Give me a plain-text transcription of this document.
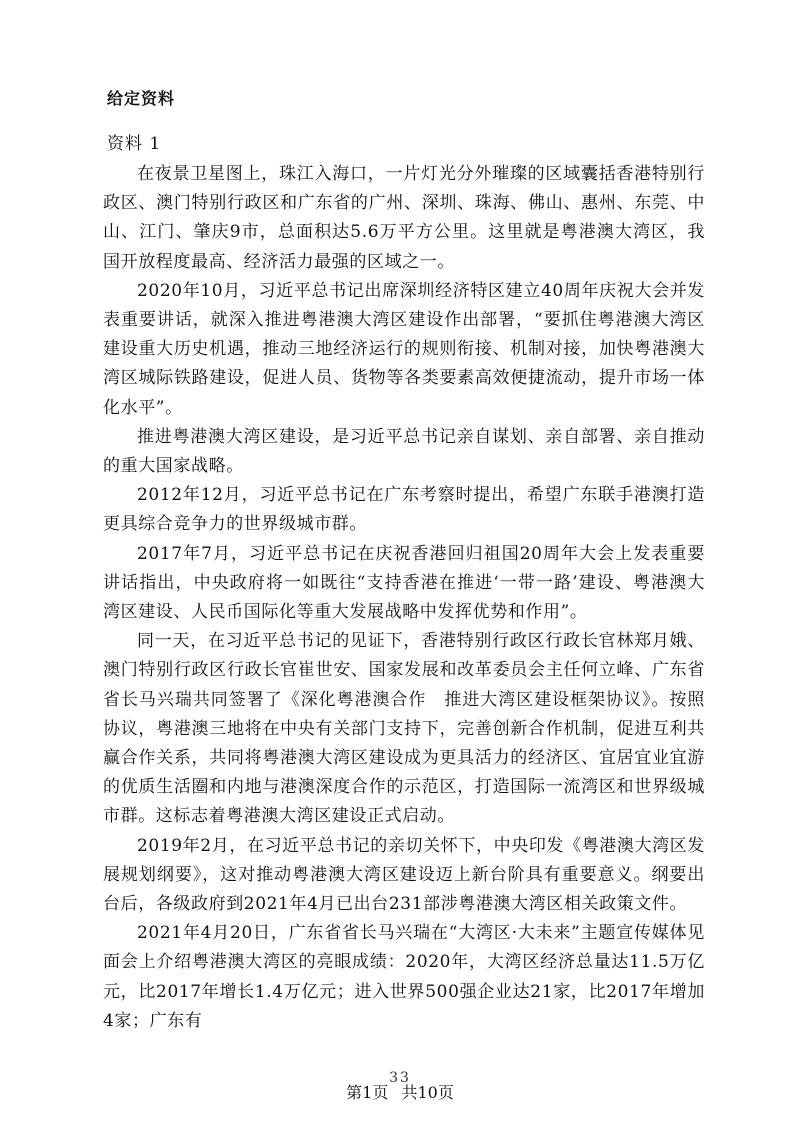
给定资料
资料 1

在夜景卫星图上，珠江入海口，一片灯光分外璀璨的区域囊括香港特别行政区、澳门特别行政区和广东省的广州、深圳、珠海、佛山、惠州、东莞、中山、江门、肇庆9市，总面积达5.6万平方公里。这里就是粤港澳大湾区，我国开放程度最高、经济活力最强的区域之一。

2020年10月，习近平总书记出席深圳经济特区建立40周年庆祝大会并发表重要讲话，就深入推进粤港澳大湾区建设作出部署，“要抓住粤港澳大湾区建设重大历史机遇，推动三地经济运行的规则衔接、机制对接，加快粤港澳大湾区城际铁路建设，促进人员、货物等各类要素高效便捷流动，提升市场一体化水平”。

推进粤港澳大湾区建设，是习近平总书记亲自谋划、亲自部署、亲自推动的重大国家战略。

2012年12月，习近平总书记在广东考察时提出，希望广东联手港澳打造更具综合竞争力的世界级城市群。

2017年7月，习近平总书记在庆祝香港回归祖国20周年大会上发表重要讲话指出，中央政府将一如既往“支持香港在推进‘一带一路’建设、粤港澳大湾区建设、人民币国际化等重大发展战略中发挥优势和作用”。

同一天，在习近平总书记的见证下，香港特别行政区行政长官林郑月娥、澳门特别行政区行政长官崔世安、国家发展和改革委员会主任何立峰、广东省省长马兴瑞共同签署了《深化粤港澳合作　推进大湾区建设框架协议》。按照协议，粤港澳三地将在中央有关部门支持下，完善创新合作机制，促进互利共赢合作关系，共同将粤港澳大湾区建设成为更具活力的经济区、宜居宜业宜游的优质生活圈和内地与港澳深度合作的示范区，打造国际一流湾区和世界级城市群。这标志着粤港澳大湾区建设正式启动。

2019年2月，在习近平总书记的亲切关怀下，中央印发《粤港澳大湾区发展规划纲要》，这对推动粤港澳大湾区建设迈上新台阶具有重要意义。纲要出台后，各级政府到2021年4月已出台231部涉粤港澳大湾区相关政策文件。

2021年4月20日，广东省省长马兴瑞在“大湾区·大未来”主题宣传媒体见面会上介绍粤港澳大湾区的亮眼成绩：2020年，大湾区经济总量达11.5万亿元，比2017年增长1.4万亿元；进入世界500强企业达21家，比2017年增加4家；广东有

33
第1页 共10页
